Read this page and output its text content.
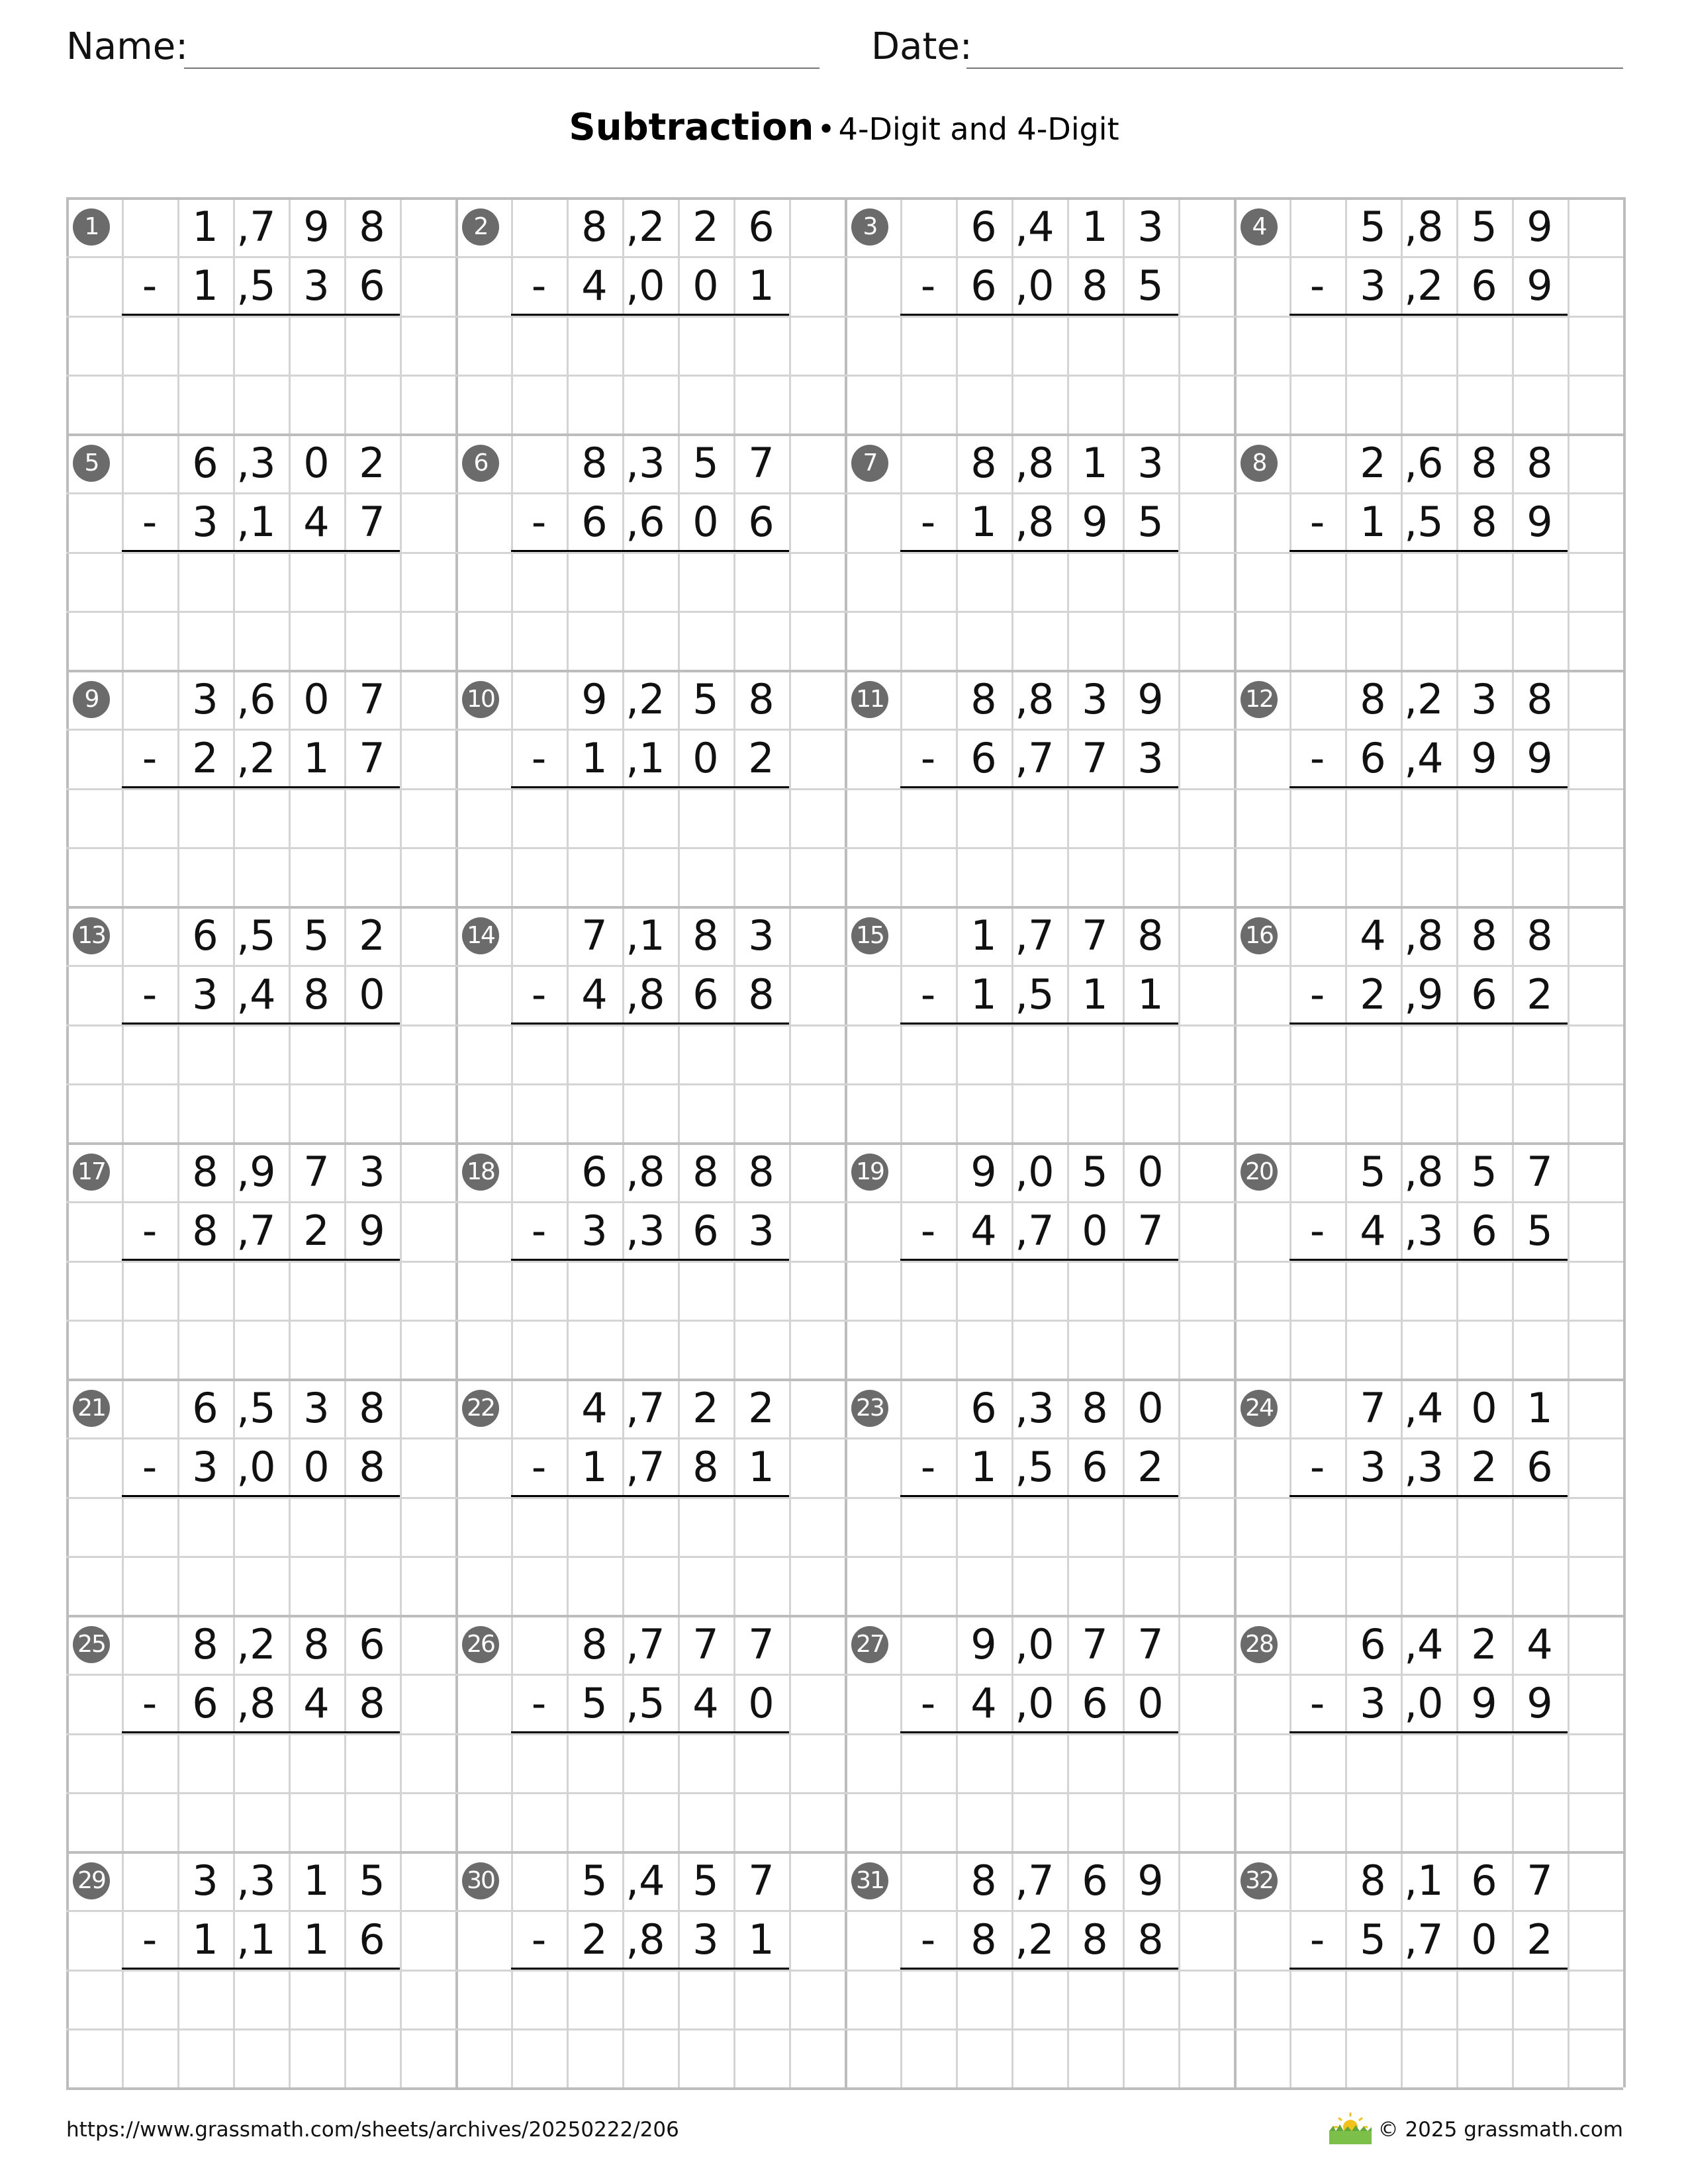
Name:	Date:
Subtraction • 4-Digit and 4-Digit
1	1 ,7 9 8
- 1 ,5 3 6
2	8 ,2 2 6
- 4 ,0 0 1
3	6 ,4 1 3
- 6 ,0 8 5
4	5 ,8 5 9
- 3 ,2 6 9
5	6 ,3 0 2
- 3 ,1 4 7
6	8 ,3 5 7
- 6 ,6 0 6
7	8 ,8 1 3
- 1 ,8 9 5
8	2 ,6 8 8
- 1 ,5 8 9
9	3 ,6 0 7
- 2 ,2 1 7
10	9 ,2 5 8
- 1 ,1 0 2
11	8 ,8 3 9
- 6 ,7 7 3
12	8 ,2 3 8
- 6 ,4 9 9
13	6 ,5 5 2
- 3 ,4 8 0
14	7 ,1 8 3
- 4 ,8 6 8
15	1 ,7 7 8
- 1 ,5 1 1
16	4 ,8 8 8
- 2 ,9 6 2
17	8 ,9 7 3
- 8 ,7 2 9
18	6 ,8 8 8
- 3 ,3 6 3
19	9 ,0 5 0
- 4 ,7 0 7
20	5 ,8 5 7
- 4 ,3 6 5
21	6 ,5 3 8
- 3 ,0 0 8
22	4 ,7 2 2
- 1 ,7 8 1
23	6 ,3 8 0
- 1 ,5 6 2
24	7 ,4 0 1
- 3 ,3 2 6
25	8 ,2 8 6
- 6 ,8 4 8
26	8 ,7 7 7
- 5 ,5 4 0
27	9 ,0 7 7
- 4 ,0 6 0
28	6 ,4 2 4
- 3 ,0 9 9
29	3 ,3 1 5
- 1 ,1 1 6
30	5 ,4 5 7
- 2 ,8 3 1
31	8 ,7 6 9
- 8 ,2 8 8
32	8 ,1 6 7
- 5 ,7 0 2
https://www.grassmath.com/sheets/archives/20250222/206	© 2025 grassmath.com
